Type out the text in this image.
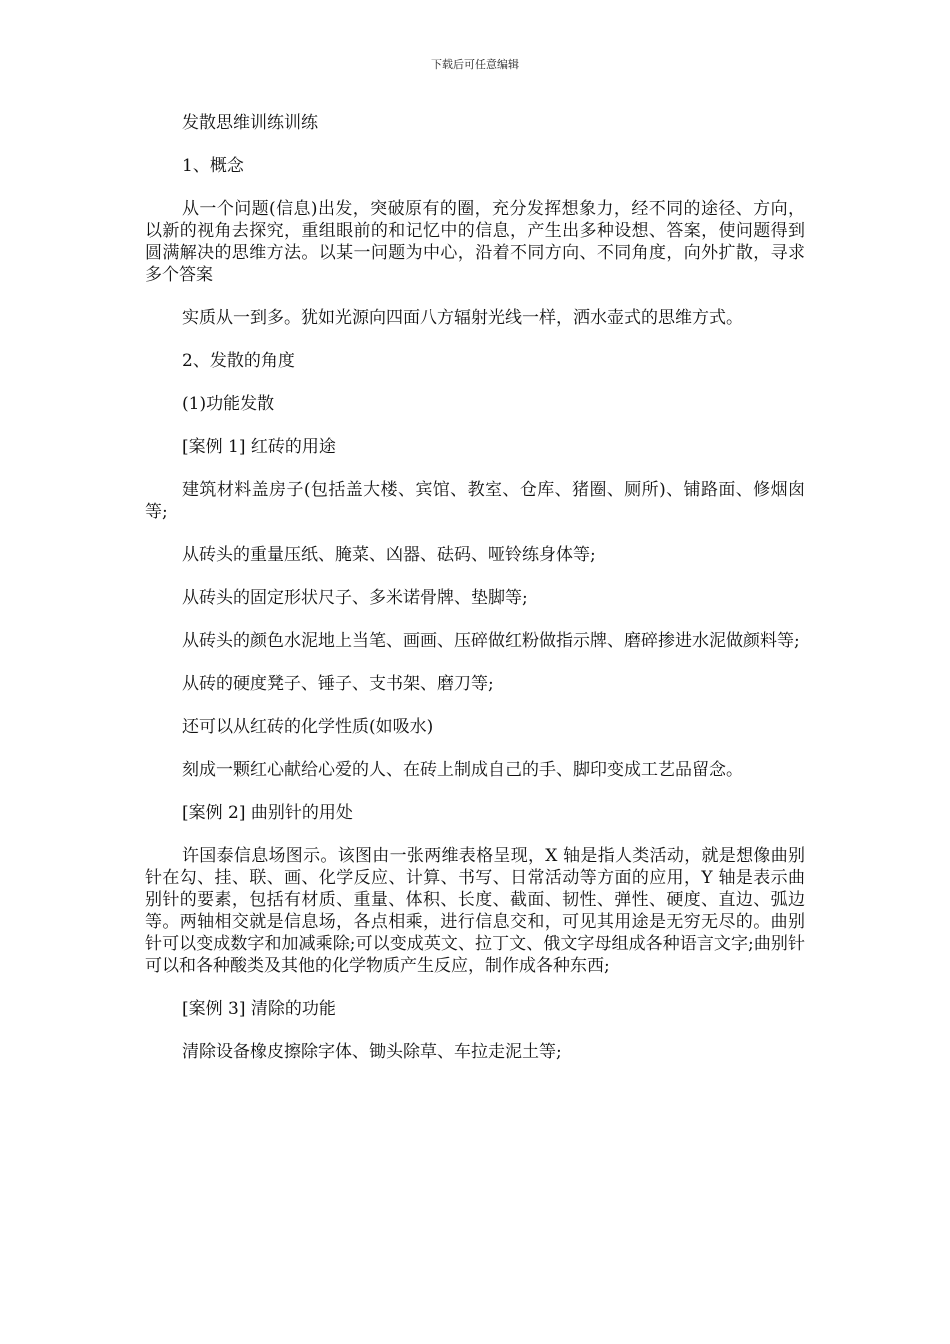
下载后可任意编辑

发散思维训练训练

1、概念

从一个问题(信息)出发，突破原有的圈，充分发挥想象力，经不同的途径、方向，以新的视角去探究，重组眼前的和记忆中的信息，产生出多种设想、答案，使问题得到圆满解决的思维方法。以某一问题为中心，沿着不同方向、不同角度，向外扩散，寻求多个答案

实质从一到多。犹如光源向四面八方辐射光线一样，洒水壶式的思维方式。

2、发散的角度

(1)功能发散

[案例 1] 红砖的用途

建筑材料盖房子(包括盖大楼、宾馆、教室、仓库、猪圈、厕所)、铺路面、修烟囱等;

从砖头的重量压纸、腌菜、凶器、砝码、哑铃练身体等;

从砖头的固定形状尺子、多米诺骨牌、垫脚等;

从砖头的颜色水泥地上当笔、画画、压碎做红粉做指示牌、磨碎掺进水泥做颜料等;

从砖的硬度凳子、锤子、支书架、磨刀等;

还可以从红砖的化学性质(如吸水)

刻成一颗红心献给心爱的人、在砖上制成自己的手、脚印变成工艺品留念。

[案例 2] 曲别针的用处

许国泰信息场图示。该图由一张两维表格呈现，X 轴是指人类活动，就是想像曲别针在勾、挂、联、画、化学反应、计算、书写、日常活动等方面的应用，Y 轴是表示曲别针的要素，包括有材质、重量、体积、长度、截面、韧性、弹性、硬度、直边、弧边等。两轴相交就是信息场，各点相乘，进行信息交和，可见其用途是无穷无尽的。曲别针可以变成数字和加减乘除;可以变成英文、拉丁文、俄文字母组成各种语言文字;曲别针可以和各种酸类及其他的化学物质产生反应，制作成各种东西;

[案例 3] 清除的功能

清除设备橡皮擦除字体、锄头除草、车拉走泥土等;
